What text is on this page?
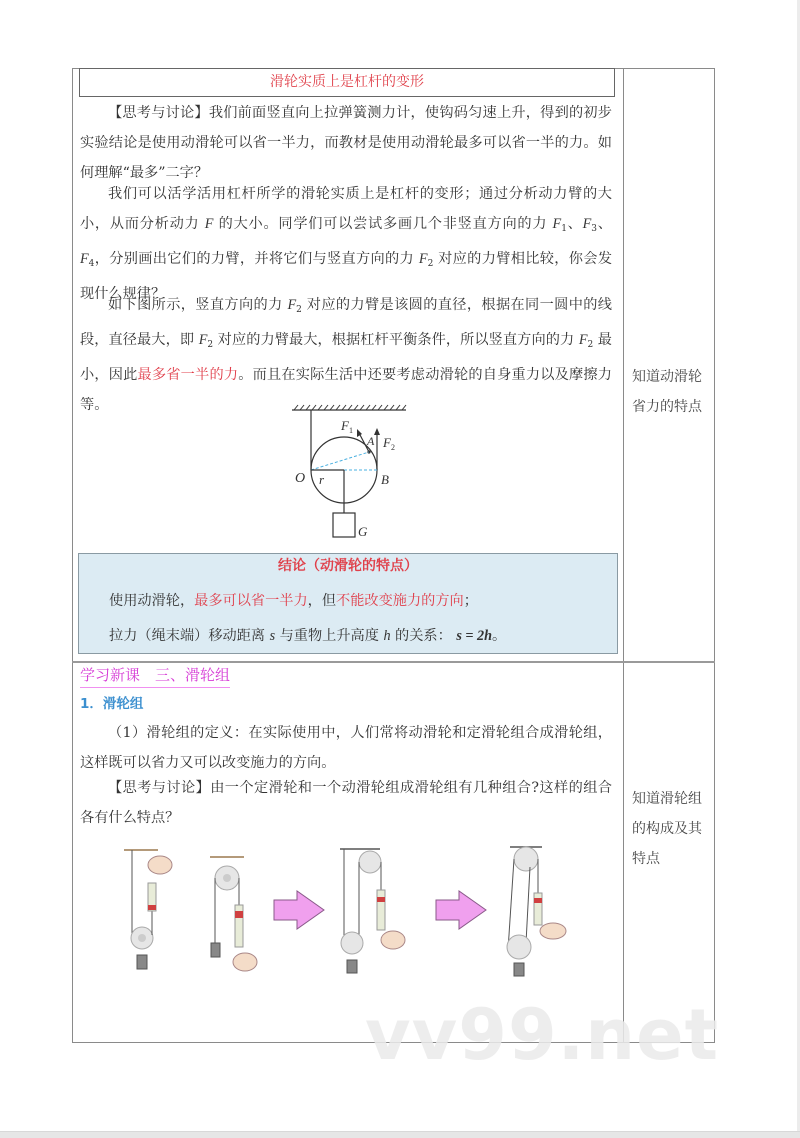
滑轮实质上是杠杆的变形
【思考与讨论】我们前面竖直向上拉弹簧测力计，使钩码匀速上升，得到的初步实验结论是使用动滑轮可以省一半力，而教材是使用动滑轮最多可以省一半的力。如何理解“最多”二字？
我们可以活学活用杠杆所学的滑轮实质上是杠杆的变形；通过分析动力臂的大小，从而分析动力 F 的大小。同学们可以尝试多画几个非竖直方向的力 $F_1$、$F_3$、$F_4$，分别画出它们的力臂，并将它们与竖直方向的力 $F_2$ 对应的力臂相比较，你会发现什么规律？
如下图所示，竖直方向的力 $F_2$ 对应的力臂是该圆的直径，根据在同一圆中的线段，直径最大，即 $F_2$ 对应的力臂最大，根据杠杆平衡条件，所以竖直方向的力 $F_2$ 最小，因此最多省一半的力。而且在实际生活中还要考虑动滑轮的自身重力以及摩擦力等。
F 1
A F 2
O r	B
G
结论（动滑轮的特点）
使用动滑轮，最多可以省一半力，但不能改变施力的方向；
拉力（绳末端）移动距离 s 与重物上升高度 h 的关系： s = 2h。
知道动滑轮
省力的特点
学习新课　三、滑轮组
1．滑轮组
（1）滑轮组的定义：在实际使用中，人们常将动滑轮和定滑轮组合成滑轮组，这样既可以省力又可以改变施力的方向。
【思考与讨论】由一个定滑轮和一个动滑轮组成滑轮组有几种组合?这样的组合各有什么特点？
知道滑轮组
的构成及其
特点
vv99.net
